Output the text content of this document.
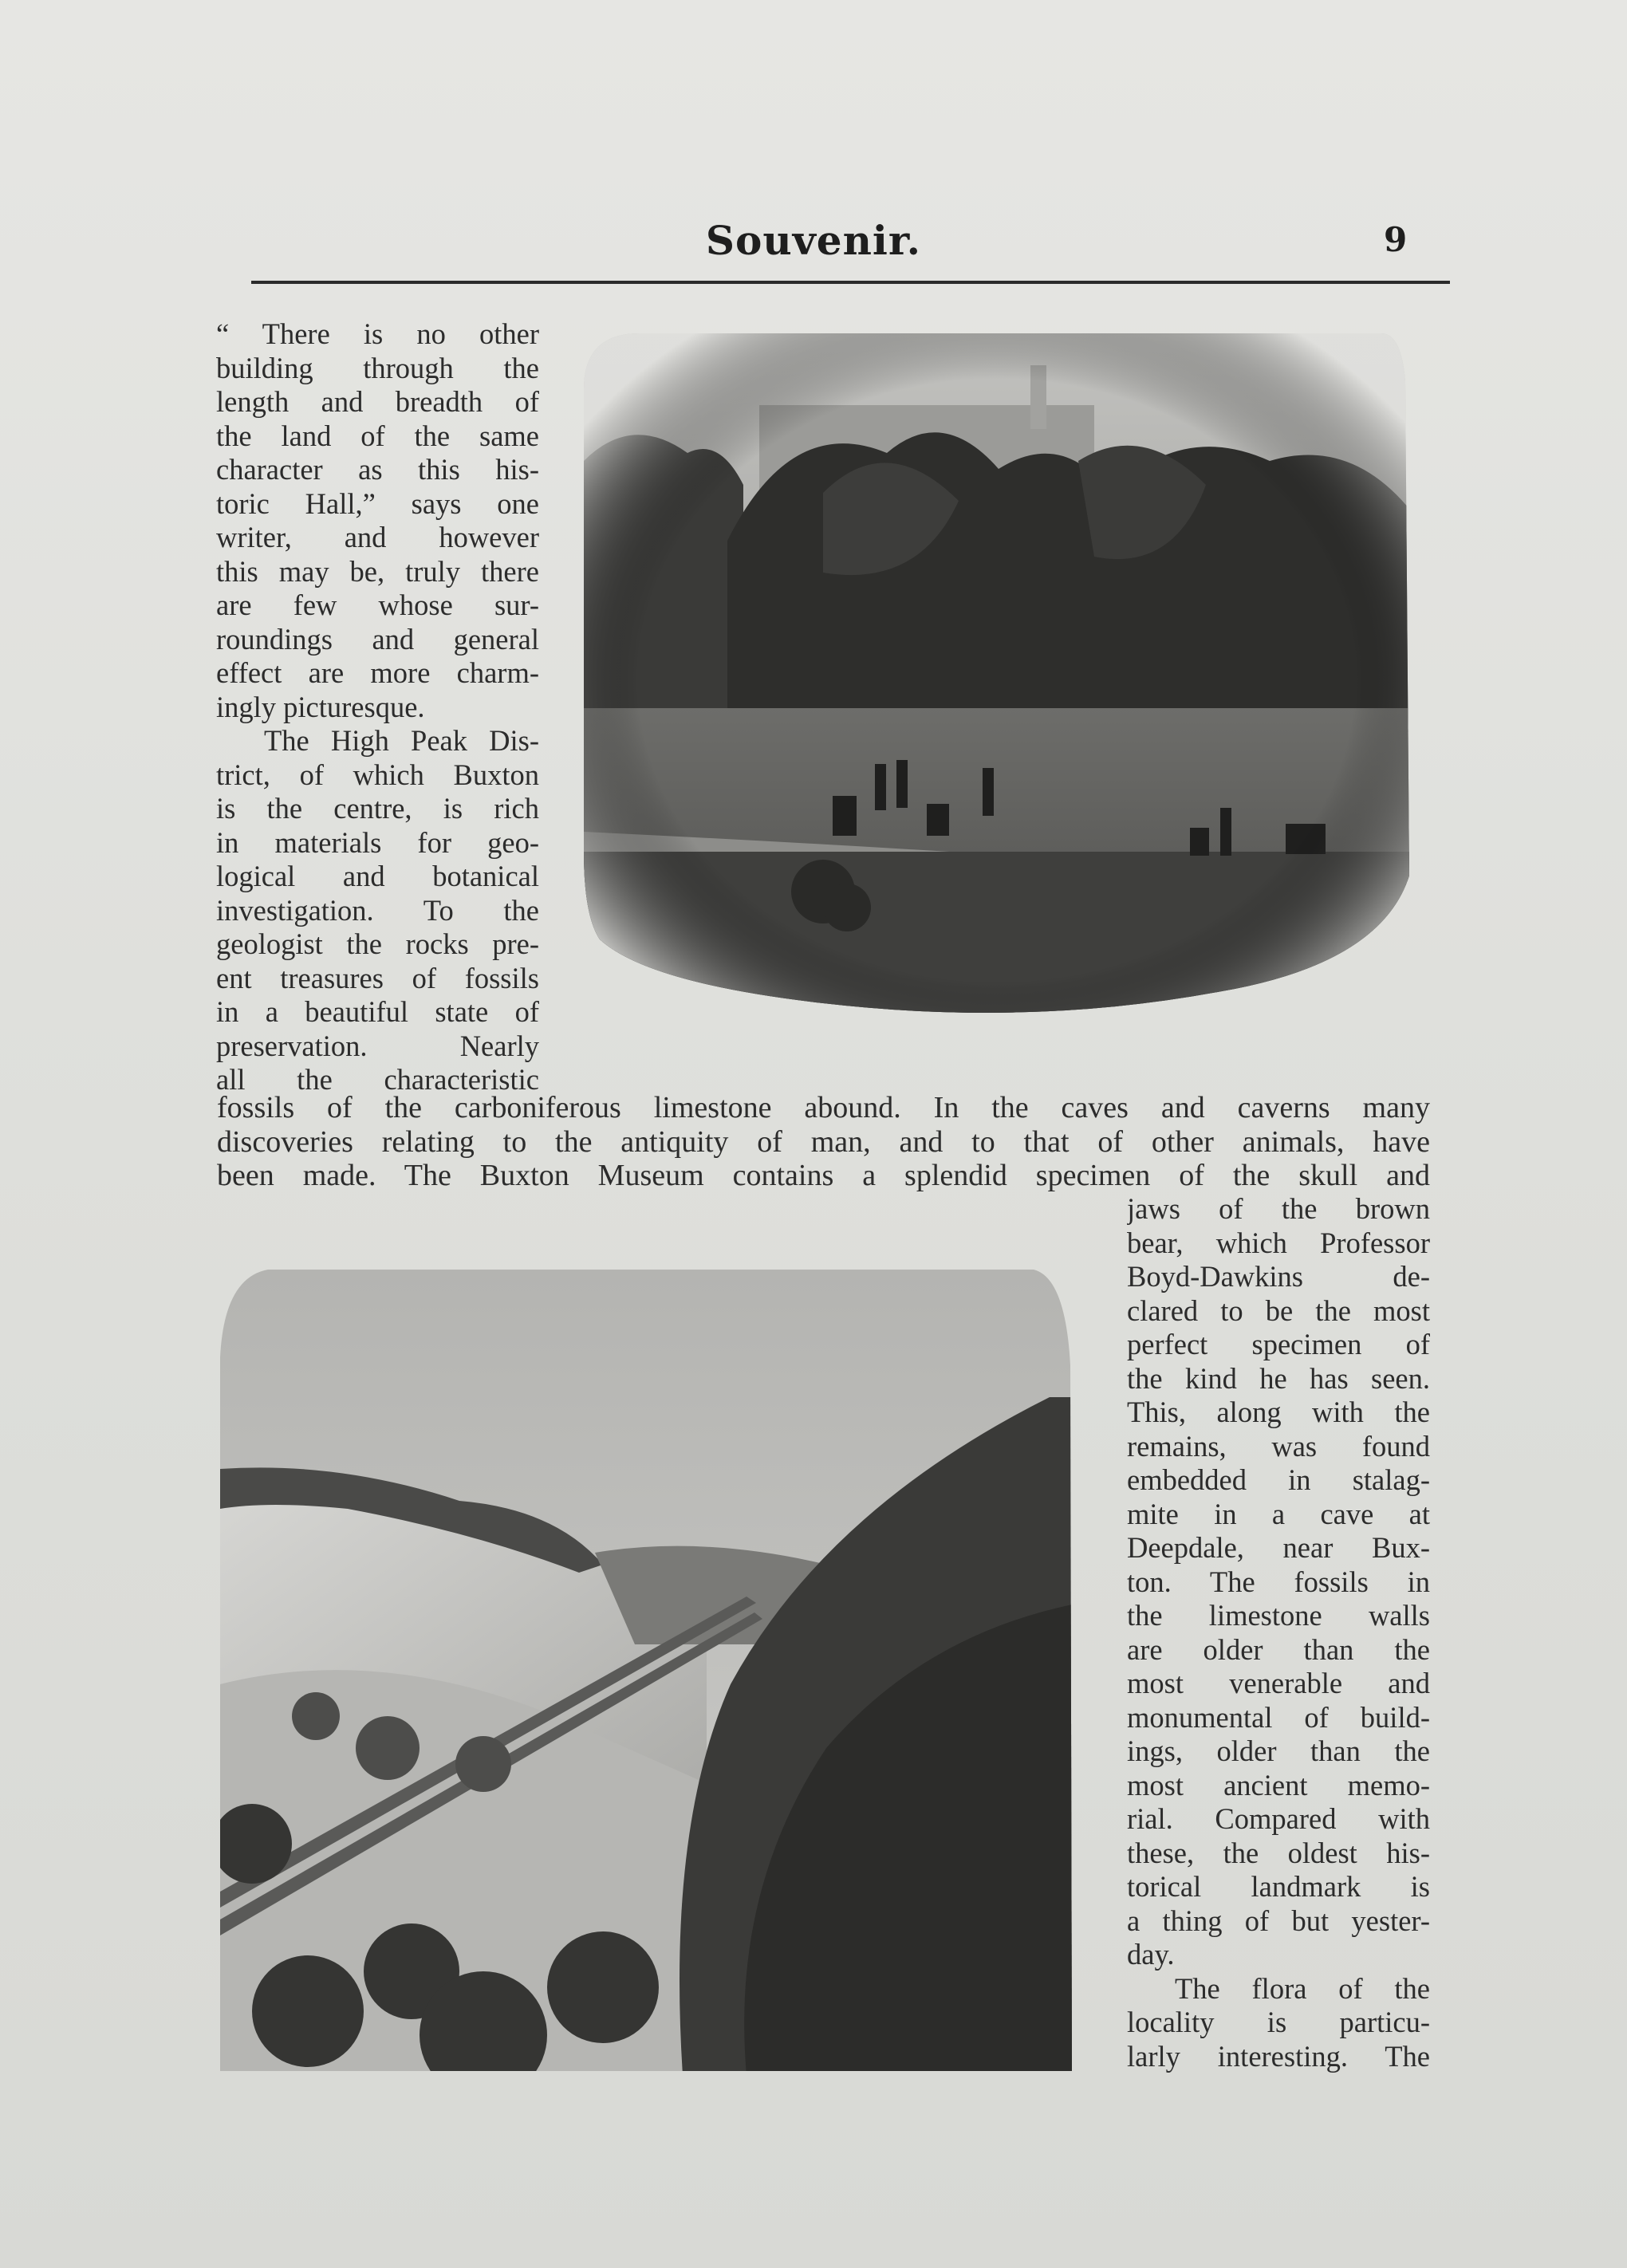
Souvenir.	9
“ There is no other
building through the
length and breadth of
the land of the same
character as this his-
toric Hall,” says one
writer, and however
this may be, truly there
are few whose sur-
roundings and general
effect are more charm-
ingly picturesque.
The High Peak Dis-
trict, of which Buxton
is the centre, is rich
in materials for geo-
logical and botanical
investigation. To the
geologist the rocks pre-
ent treasures of fossils
in a beautiful state of
preservation. Nearly
all the characteristic
fossils of the carboniferous limestone abound. In the caves and caverns many
discoveries relating to the antiquity of man, and to that of other animals, have
been made. The Buxton Museum contains a splendid specimen of the skull and
jaws of the brown
bear, which Professor
Boyd-Dawkins de-
clared to be the most
perfect specimen of
the kind he has seen.
This, along with the
remains, was found
embedded in stalag-
mite in a cave at
Deepdale, near Bux-
ton. The fossils in
the limestone walls
are older than the
most venerable and
monumental of build-
ings, older than the
most ancient memo-
rial. Compared with
these, the oldest his-
torical landmark is
a thing of but yester-
day.
The flora of the
locality is particu-
larly interesting. The
